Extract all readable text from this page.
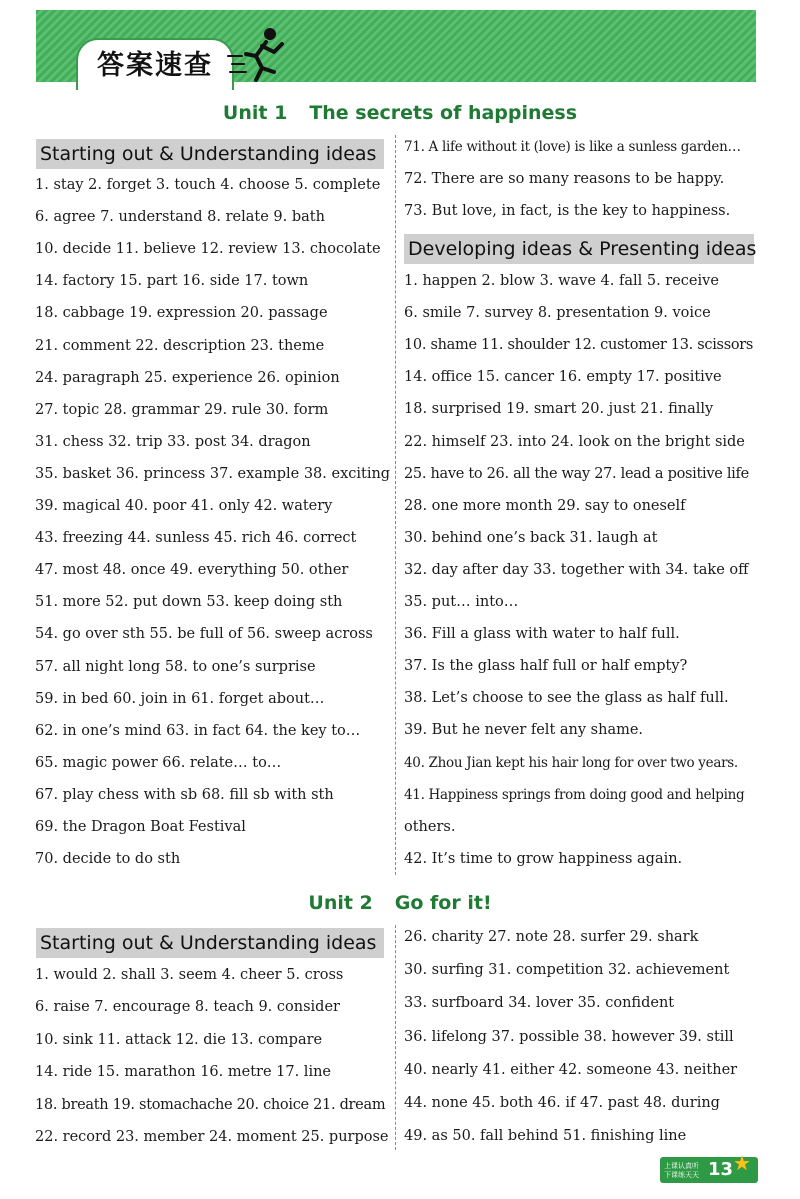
答案速查
Unit 1 The secrets of happiness
Starting out & Understanding ideas
1. stay 2. forget 3. touch 4. choose 5. complete
6. agree 7. understand 8. relate 9. bath
10. decide 11. believe 12. review 13. chocolate
14. factory 15. part 16. side 17. town
18. cabbage 19. expression 20. passage
21. comment 22. description 23. theme
24. paragraph 25. experience 26. opinion
27. topic 28. grammar 29. rule 30. form
31. chess 32. trip 33. post 34. dragon
35. basket 36. princess 37. example 38. exciting
39. magical 40. poor 41. only 42. watery
43. freezing 44. sunless 45. rich 46. correct
47. most 48. once 49. everything 50. other
51. more 52. put down 53. keep doing sth
54. go over sth 55. be full of 56. sweep across
57. all night long 58. to one’s surprise
59. in bed 60. join in 61. forget about…
62. in one’s mind 63. in fact 64. the key to…
65. magic power 66. relate… to…
67. play chess with sb 68. fill sb with sth
69. the Dragon Boat Festival
70. decide to do sth
71. A life without it (love) is like a sunless garden…
72. There are so many reasons to be happy.
73. But love, in fact, is the key to happiness.
Developing ideas & Presenting ideas
1. happen 2. blow 3. wave 4. fall 5. receive
6. smile 7. survey 8. presentation 9. voice
10. shame 11. shoulder 12. customer 13. scissors
14. office 15. cancer 16. empty 17. positive
18. surprised 19. smart 20. just 21. finally
22. himself 23. into 24. look on the bright side
25. have to 26. all the way 27. lead a positive life
28. one more month 29. say to oneself
30. behind one’s back 31. laugh at
32. day after day 33. together with 34. take off
35. put… into…
36. Fill a glass with water to half full.
37. Is the glass half full or half empty?
38. Let’s choose to see the glass as half full.
39. But he never felt any shame.
40. Zhou Jian kept his hair long for over two years.
41. Happiness springs from doing good and helping
others.
42. It’s time to grow happiness again.
Unit 2 Go for it!
Starting out & Understanding ideas
1. would 2. shall 3. seem 4. cheer 5. cross
6. raise 7. encourage 8. teach 9. consider
10. sink 11. attack 12. die 13. compare
14. ride 15. marathon 16. metre 17. line
18. breath 19. stomachache 20. choice 21. dream
22. record 23. member 24. moment 25. purpose
26. charity 27. note 28. surfer 29. shark
30. surfing 31. competition 32. achievement
33. surfboard 34. lover 35. confident
36. lifelong 37. possible 38. however 39. still
40. nearly 41. either 42. someone 43. neither
44. none 45. both 46. if 47. past 48. during
49. as 50. fall behind 51. finishing line
上课认真听
下课练天天 13 ★
